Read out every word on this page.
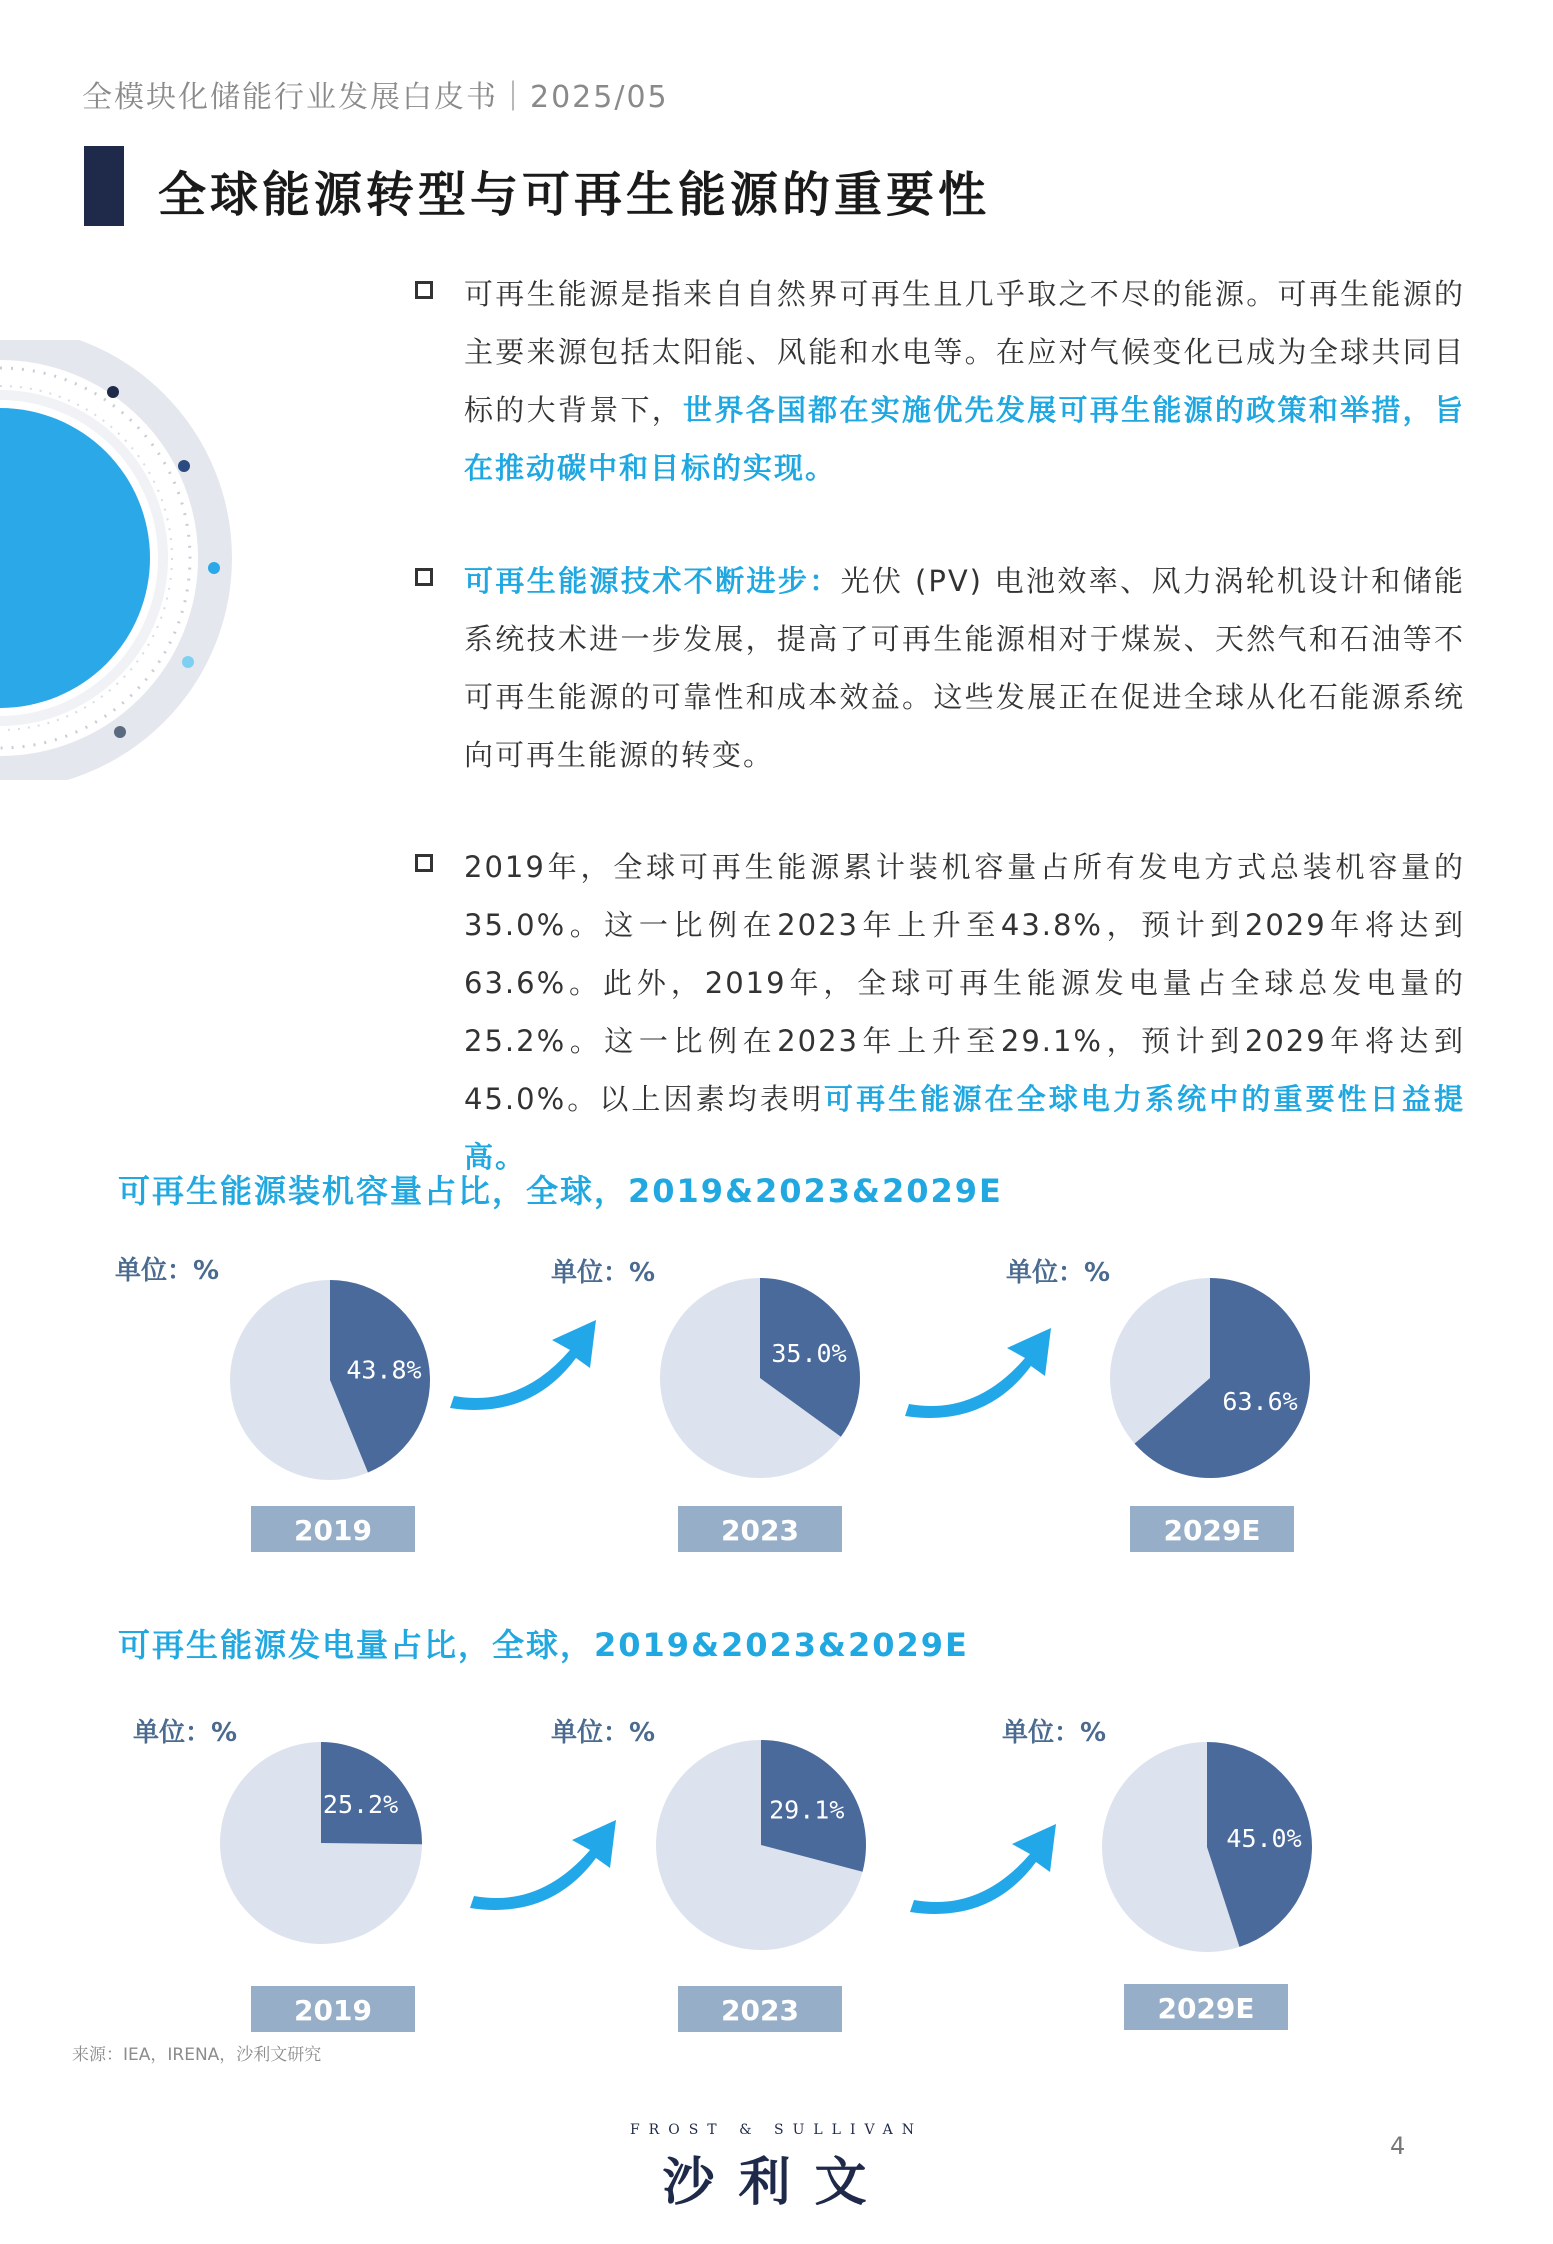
全模块化储能行业发展白皮书｜2025/05
全球能源转型与可再生能源的重要性
可再生能源是指来自自然界可再生且几乎取之不尽的能源。可再生能源的主要来源包括太阳能、风能和水电等。在应对气候变化已成为全球共同目标的大背景下，世界各国都在实施优先发展可再生能源的政策和举措，旨在推动碳中和目标的实现。
可再生能源技术不断进步：光伏 (PV) 电池效率、风力涡轮机设计和储能系统技术进一步发展，提高了可再生能源相对于煤炭、天然气和石油等不可再生能源的可靠性和成本效益。这些发展正在促进全球从化石能源系统向可再生能源的转变。
2019年，全球可再生能源累计装机容量占所有发电方式总装机容量的35.0%。这一比例在2023年上升至43.8%，预计到2029年将达到63.6%。此外，2019年，全球可再生能源发电量占全球总发电量的25.2%。这一比例在2023年上升至29.1%，预计到2029年将达到45.0%。以上因素均表明可再生能源在全球电力系统中的重要性日益提高。
可再生能源装机容量占比，全球，2019&2023&2029E
单位：%	单位：%	单位：%
43.8%
35.0%
63.6%
2019	2023	2029E
可再生能源发电量占比，全球，2019&2023&2029E
单位：%	单位：%	单位：%
25.2%	29.1%
45.0%
2019	2023	2029E
来源：IEA，IRENA，沙利文研究
FROST & SULLIVAN
沙利文
4
